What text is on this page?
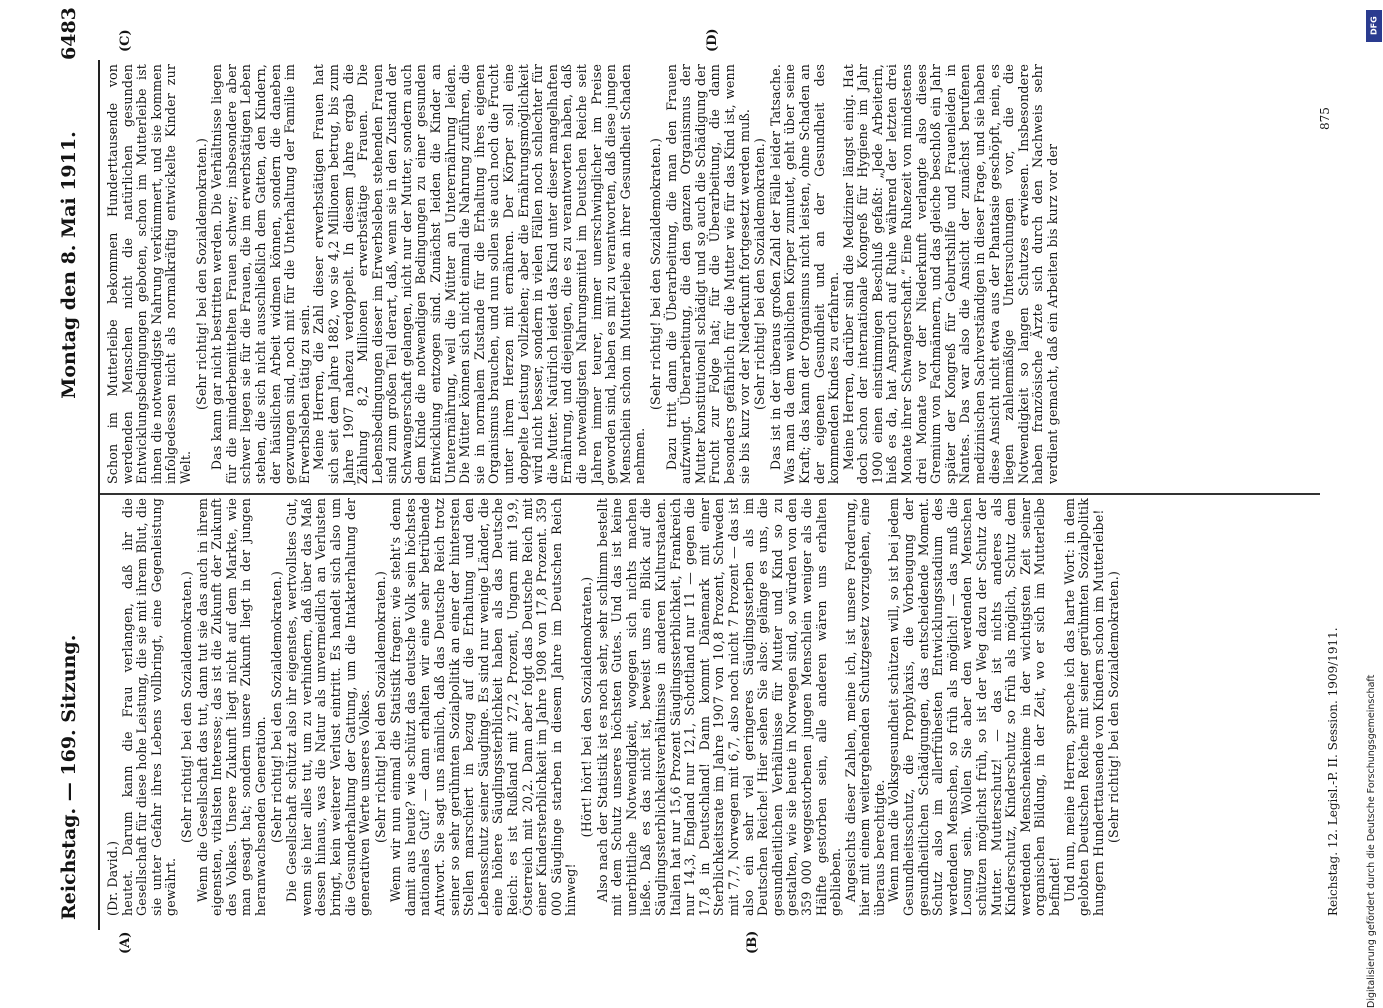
Reichstag. — 169. Sitzung.
Montag den 8. Mai 1911.
6483
(A)	(B)
(C)	(D)

(Dr. David.) heutet. Darum kann die Frau verlangen, daß ihr die Gesellschaft für diese hohe Leistung, die sie mit ihrem Blut, die sie unter Gefahr ihres Lebens vollbringt, eine Gegenleistung gewährt.

(Sehr richtig! bei den Sozialdemokraten.) Wenn die Gesellschaft das tut, dann tut sie das auch in ihrem eigensten, vitalsten Interesse; das ist die Zukunft der Zukunft des Volkes. Unsere Zukunft liegt nicht auf dem Markte, wie man gesagt hat; sondern unsere Zukunft liegt in der jungen heranwachsenden Generation. (Sehr richtig! bei den Sozialdemokraten.) Die Gesellschaft schützt also ihr eigenstes, wertvollstes Gut, wenn sie hier alles tut, um zu verhindern, daß über das Maß dessen hinaus, was die Natur als unvermeidlich an Verlusten bringt, kein weiterer Verlust eintritt. Es handelt sich also um die Gesunderhaltung der Gattung, um die Intakterhaltung der generativen Werte unseres Volkes. (Sehr richtig! bei den Sozialdemokraten.) Wenn wir nun einmal die Statistik fragen: wie steht's denn damit aus heute? wie schützt das deutsche Volk sein höchstes nationales Gut? — dann erhalten wir eine sehr betrübende Antwort. Sie sagt uns nämlich, daß das Deutsche Reich trotz seiner so sehr gerühmten Sozialpolitik an einer der hintersten Stellen marschiert in bezug auf die Erhaltung und den Lebensschutz seiner Säuglinge. Es sind nur wenige Länder, die eine höhere Säuglingssterblichkeit haben als das Deutsche Reich: es ist Rußland mit 27,2 Prozent, Ungarn mit 19,9, Österreich mit 20,2. Dann aber folgt das Deutsche Reich mit einer Kindersterblichkeit im Jahre 1908 von 17,8 Prozent. 359 000 Säuglinge starben in diesem Jahre im Deutschen Reich hinweg!

(Hört! hört! bei den Sozialdemokraten.) Also nach der Statistik ist es noch sehr, sehr schlimm bestellt mit dem Schutz unseres höchsten Gutes. Und das ist keine unerbittliche Notwendigkeit, wogegen sich nichts machen ließe. Daß es das nicht ist, beweist uns ein Blick auf die Säuglingssterblichkeitsverhältnisse in anderen Kulturstaaten. Italien hat nur 15,6 Prozent Säuglingssterblichkeit, Frankreich nur 14,3, England nur 12,1, Schottland nur 11 — gegen die 17,8 in Deutschland! Dann kommt Dänemark mit einer Sterblichkeitsrate im Jahre 1907 von 10,8 Prozent, Schweden mit 7,7, Norwegen mit 6,7, also noch nicht 7 Prozent — das ist also ein sehr viel geringeres Säuglingssterben als im Deutschen Reiche! Hier sehen Sie also: gelänge es uns, die gesundheitlichen Verhältnisse für Mutter und Kind so zu gestalten, wie sie heute in Norwegen sind, so würden von den 359 000 weggestorbenen jungen Menschlein weniger als die Hälfte gestorben sein, alle anderen wären uns erhalten geblieben. Angesichts dieser Zahlen, meine ich, ist unsere Forderung, hier mit einem weitergehenden Schutzgesetz vorzugehen, eine überaus berechtigte. Wenn man die Volksgesundheit schützen will, so ist bei jedem Gesundheitsschutz, die Prophylaxis, die Vorbeugung der gesundheitlichen Schädigungen, das entscheidende Moment. Schutz also im allerfrühesten Entwicklungsstadium des werdenden Menschen, so früh als möglich! — das muß die Losung sein. Wollen Sie aber den werdenden Menschen schützen möglichst früh, so ist der Weg dazu der Schutz der Mutter. Mutterschutz! — das ist nichts anderes als Kinderschutz, Kinderschutz so früh als möglich, Schutz dem werdenden Menschenkeime in der wichtigsten Zeit seiner organischen Bildung, in der Zeit, wo er sich im Mutterleibe befindet! Und nun, meine Herren, spreche ich das harte Wort: in dem gelobten Deutschen Reiche mit seiner gerühmten Sozialpolitik hungern Hunderttausende von Kindern schon im Mutterleibe! (Sehr richtig! bei den Sozialdemokraten.)

Schon im Mutterleibe bekommen Hunderttausende von werdenden Menschen nicht die natürlichen gesunden Entwicklungsbedingungen geboten, schon im Mutterleibe ist ihnen die notwendigste Nahrung verkümmert, und sie kommen infolgedessen nicht als normalkräftig entwickelte Kinder zur Welt.

(Sehr richtig! bei den Sozialdemokraten.) Das kann gar nicht bestritten werden. Die Verhältnisse liegen für die minderbemittelten Frauen schwer; insbesondere aber schwer liegen sie für die Frauen, die im erwerbstätigen Leben stehen, die sich nicht ausschließlich dem Gatten, den Kindern, der häuslichen Arbeit widmen können, sondern die daneben gezwungen sind, noch mit für die Unterhaltung der Familie im Erwerbsleben tätig zu sein. Meine Herren, die Zahl dieser erwerbstätigen Frauen hat sich seit dem Jahre 1882, wo sie 4,2 Millionen betrug, bis zum Jahre 1907 nahezu verdoppelt. In diesem Jahre ergab die Zählung 8,2 Millionen erwerbstätige Frauen. Die Lebensbedingungen dieser im Erwerbsleben stehenden Frauen sind zum großen Teil derart, daß, wenn sie in den Zustand der Schwangerschaft gelangen, nicht nur der Mutter, sondern auch dem Kinde die notwendigen Bedingungen zu einer gesunden Entwicklung entzogen sind. Zunächst leiden die Kinder an Unterernährung, weil die Mütter an Unterernährung leiden. Die Mütter können sich nicht einmal die Nahrung zuführen, die sie in normalem Zustande für die Erhaltung ihres eigenen Organismus brauchen, und nun sollen sie auch noch die Frucht unter ihrem Herzen mit ernähren. Der Körper soll eine doppelte Leistung vollziehen; aber die Ernährungsmöglichkeit wird nicht besser, sondern in vielen Fällen noch schlechter für die Mutter. Natürlich leidet das Kind unter dieser mangelhaften Ernährung, und diejenigen, die es zu verantworten haben, daß die notwendigsten Nahrungsmittel im Deutschen Reiche seit Jahren immer teurer, immer unerschwinglicher im Preise geworden sind, haben es mit zu verantworten, daß diese jungen Menschlein schon im Mutterleibe an ihrer Gesundheit Schaden nehmen.

(Sehr richtig! bei den Sozialdemokraten.) Dazu tritt dann die Überarbeitung, die man den Frauen aufzwingt. Überarbeitung, die den ganzen Organismus der Mutter konstitutionell schädigt und so auch die Schädigung der Frucht zur Folge hat; für die Überarbeitung, die dann besonders gefährlich für die Mutter wie für das Kind ist, wenn sie bis kurz vor der Niederkunft fortgesetzt werden muß. (Sehr richtig! bei den Sozialdemokraten.) Das ist in der überaus großen Zahl der Fälle leider Tatsache. Was man da dem weiblichen Körper zumutet, geht über seine Kraft; das kann der Organismus nicht leisten, ohne Schaden an der eigenen Gesundheit und an der Gesundheit des kommenden Kindes zu erfahren. Meine Herren, darüber sind die Mediziner längst einig. Hat doch schon der internationale Kongreß für Hygiene im Jahr 1900 einen einstimmigen Beschluß gefaßt: „Jede Arbeiterin, hieß es da, hat Anspruch auf Ruhe während der letzten drei Monate ihrer Schwangerschaft.“ Eine Ruhezeit von mindestens drei Monate vor der Niederkunft verlangte also dieses Gremium von Fachmännern, und das gleiche beschloß ein Jahr später der Kongreß für Geburtshilfe und Frauenleiden in Nantes. Das war also die Ansicht der zunächst berufenen medizinischen Sachverständigen in dieser Frage, und sie haben diese Ansicht nicht etwa aus der Phantasie geschöpft, nein, es liegen zahlenmäßige Untersuchungen vor, die die Notwendigkeit so langen Schutzes erwiesen. Insbesondere haben französische Ärzte sich durch den Nachweis sehr verdient gemacht, daß ein Arbeiten bis kurz vor der

Reichstag. 12. Legisl.-P. II. Session. 1909/1911.
875
DFG
Digitalisierung gefördert durch die Deutsche Forschungsgemeinschaft
